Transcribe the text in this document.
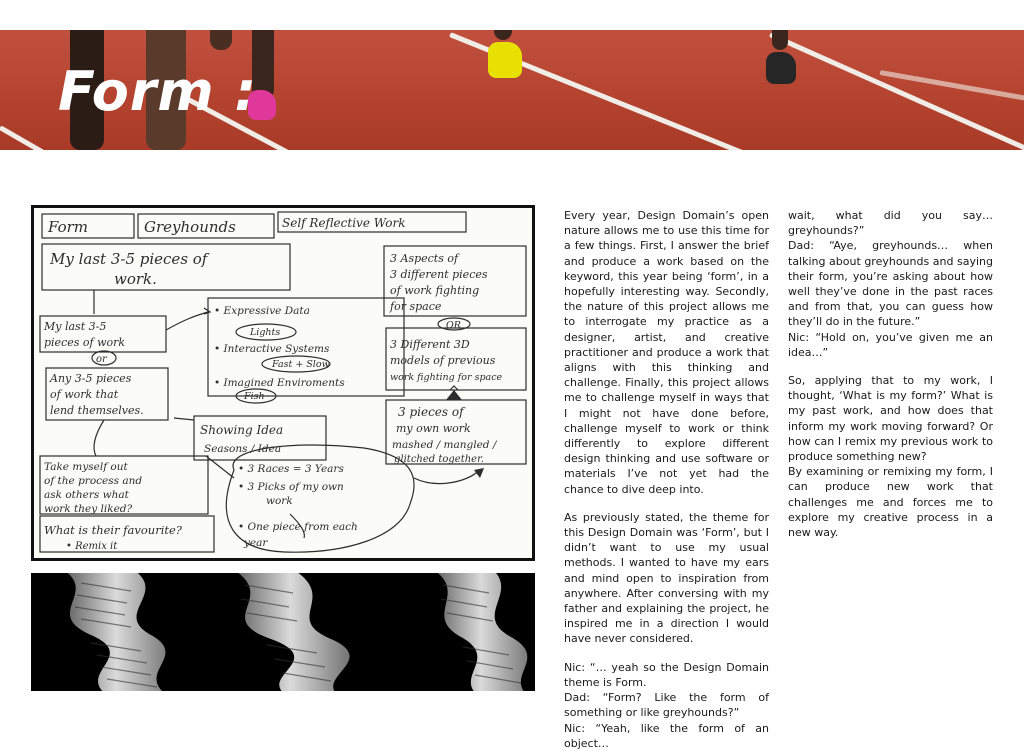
Form :
Form	Greyhounds	Self Reflective Work
My last 3-5 pieces of
work.
My last 3-5
pieces of work
or
Any 3-5 pieces
of work that
lend themselves.
Take myself out
of the process and
ask others what
work they liked?
What is their favourite?
• Remix it
• Expressive Data
Lights
• Interactive Systems
Fast + Slow
• Imagined Enviroments
Fish
Showing Idea
Seasons / Idea
• 3 Races = 3 Years
• 3 Picks of my own
work
• One piece from each
year
3 Aspects of
3 different pieces
of work fighting
for space
OR
3 Different 3D
models of previous
work fighting for space
3 pieces of
my own work
mashed / mangled /
glitched together.

Every year, Design Domain’s open nature allows me to use this time for a few things. First, I answer the brief and produce a work based on the keyword, this year being ‘form’, in a hopefully interesting way. Secondly, the nature of this project allows me to interrogate my practice as a designer, artist, and creative practitioner and produce a work that aligns with this thinking and challenge. Finally, this project allows me to challenge myself in ways that I might not have done before, challenge myself to work or think differently to explore different design thinking and use software or materials I’ve not yet had the chance to dive deep into.

As previously stated, the theme for this Design Domain was ‘Form’, but I didn’t want to use my usual methods. I wanted to have my ears and mind open to inspiration from anywhere. After conversing with my father and explaining the project, he inspired me in a direction I would have never considered.

Nic: “… yeah so the Design Domain theme is Form.

Dad: “Form? Like the form of something or like greyhounds?”

Nic: “Yeah, like the form of an object…

wait, what did you say… greyhounds?”

Dad: “Aye, greyhounds… when talking about greyhounds and saying their form, you’re asking about how well they’ve done in the past races and from that, you can guess how they’ll do in the future.”

Nic: “Hold on, you’ve given me an idea…”

So, applying that to my work, I thought, ‘What is my form?’ What is my past work, and how does that inform my work moving forward? Or how can I remix my previous work to produce something new?

By examining or remixing my form, I can produce new work that challenges me and forces me to explore my creative process in a new way.
